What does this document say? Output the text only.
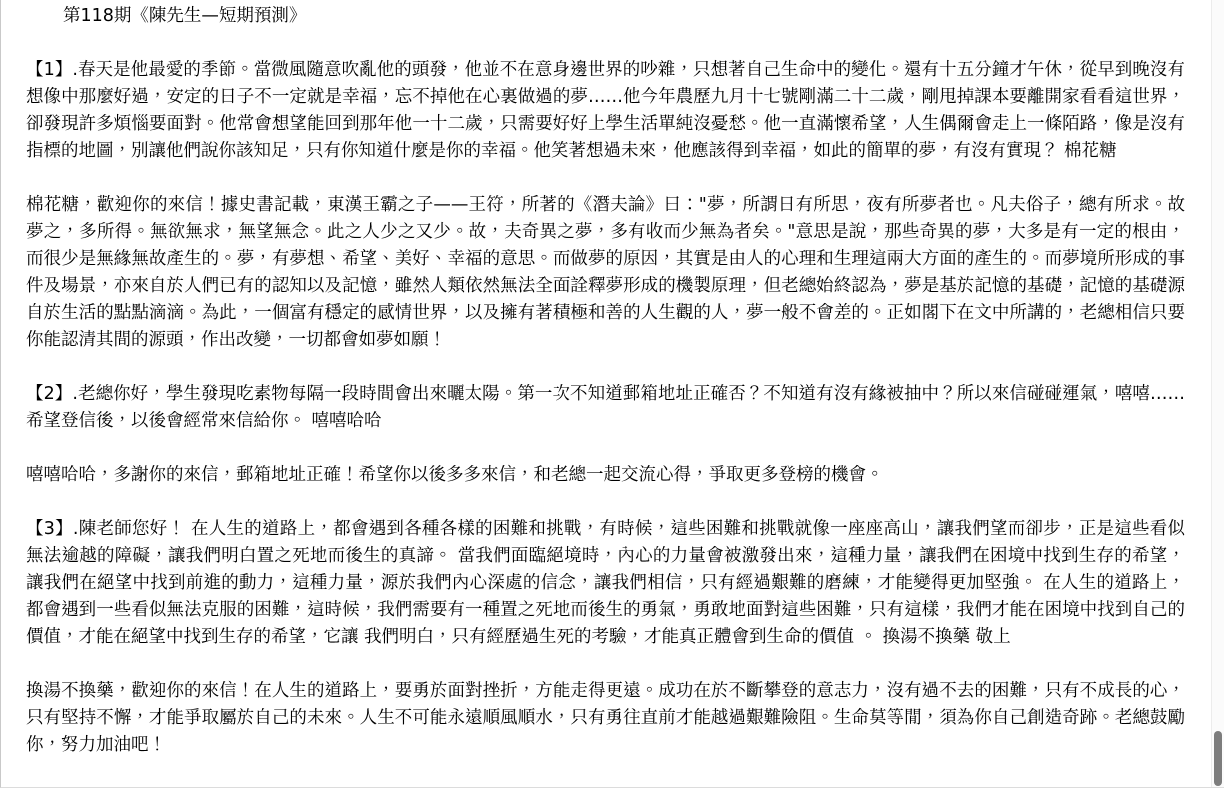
第118期《陳先生—短期預測》
【1】.春天是他最愛的季節。當微風隨意吹亂他的頭發，他並不在意身邊世界的吵雜，只想著自己生命中的變化。還有十五分鐘才午休，從早到晚沒有想像中那麼好過，安定的日子不一定就是幸福，忘不掉他在心裏做過的夢……他今年農歷九月十七號剛滿二十二歲，剛甩掉課本要離開家看看這世界，卻發現許多煩惱要面對。他常會想望能回到那年他一十二歲，只需要好好上學生活單純沒憂愁。他一直滿懷希望，人生偶爾會走上一條陌路，像是沒有指標的地圖，別讓他們說你該知足，只有你知道什麼是你的幸福。他笑著想過未來，他應該得到幸福，如此的簡單的夢，有沒有實現？ 棉花糖
棉花糖，歡迎你的來信！據史書記載，東漢王霸之子——王符，所著的《潛夫論》曰："夢，所謂日有所思，夜有所夢者也。凡夫俗子，總有所求。故夢之，多所得。無欲無求，無望無念。此之人少之又少。故，夫奇異之夢，多有收而少無為者矣。"意思是說，那些奇異的夢，大多是有一定的根由，而很少是無緣無故產生的。夢，有夢想、希望、美好、幸福的意思。而做夢的原因，其實是由人的心理和生理這兩大方面的產生的。而夢境所形成的事件及場景，亦來自於人們已有的認知以及記憶，雖然人類依然無法全面詮釋夢形成的機製原理，但老總始終認為，夢是基於記憶的基礎，記憶的基礎源自於生活的點點滴滴。為此，一個富有穩定的感情世界，以及擁有著積極和善的人生觀的人，夢一般不會差的。正如閣下在文中所講的，老總相信只要你能認清其間的源頭，作出改變，一切都會如夢如願！
【2】.老總你好，學生發現吃素物每隔一段時間會出來曬太陽。第一次不知道郵箱地址正確否？不知道有沒有緣被抽中？所以來信碰碰運氣，嘻嘻……希望登信後，以後會經常來信給你。 嘻嘻哈哈
嘻嘻哈哈，多謝你的來信，郵箱地址正確！希望你以後多多來信，和老總一起交流心得，爭取更多登榜的機會。
【3】.陳老師您好！ 在人生的道路上，都會遇到各種各樣的困難和挑戰，有時候，這些困難和挑戰就像一座座高山，讓我們望而卻步，正是這些看似無法逾越的障礙，讓我們明白置之死地而後生的真諦。 當我們面臨絕境時，內心的力量會被激發出來，這種力量，讓我們在困境中找到生存的希望，讓我們在絕望中找到前進的動力，這種力量，源於我們內心深處的信念，讓我們相信，只有經過艱難的磨練，才能變得更加堅強。 在人生的道路上，都會遇到一些看似無法克服的困難，這時候，我們需要有一種置之死地而後生的勇氣，勇敢地面對這些困難，只有這樣，我們才能在困境中找到自己的價值，才能在絕望中找到生存的希望，它讓 我們明白，只有經歷過生死的考驗，才能真正體會到生命的價值 。 換湯不換藥 敬上
換湯不換藥，歡迎你的來信！在人生的道路上，要勇於面對挫折，方能走得更遠。成功在於不斷攀登的意志力，沒有過不去的困難，只有不成長的心，只有堅持不懈，才能爭取屬於自己的未來。人生不可能永遠順風順水，只有勇往直前才能越過艱難險阻。生命莫等閒，須為你自己創造奇跡。老總鼓勵你，努力加油吧！
